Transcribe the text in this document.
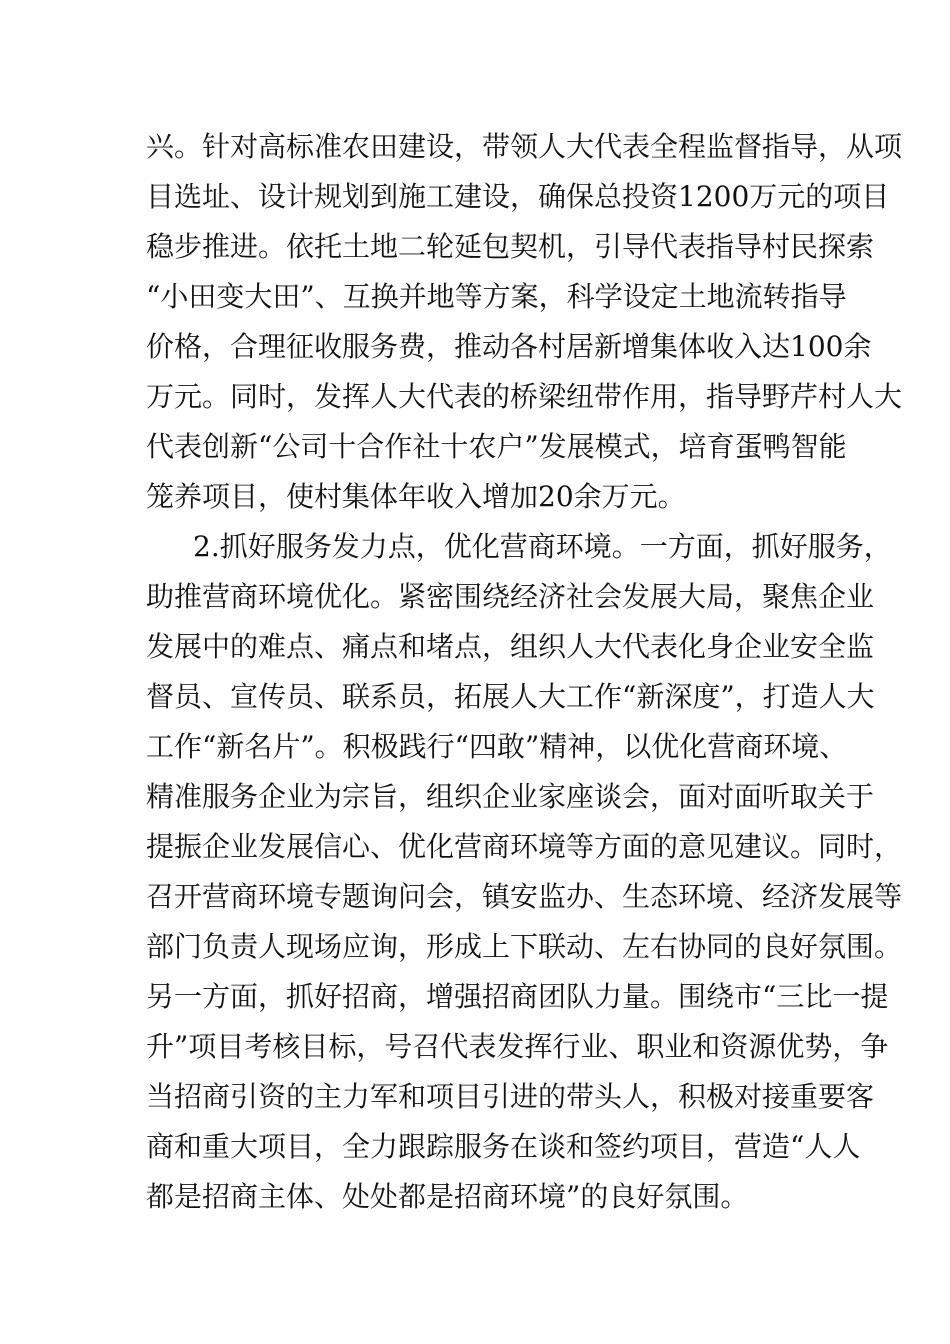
兴。针对高标准农田建设，带领人大代表全程监督指导，从项
目选址、设计规划到施工建设，确保总投资1200万元的项目
稳步推进。依托土地二轮延包契机，引导代表指导村民探索
“小田变大田”、互换并地等方案，科学设定土地流转指导
价格，合理征收服务费，推动各村居新增集体收入达100余
万元。同时，发挥人大代表的桥梁纽带作用，指导野芹村人大
代表创新“公司十合作社十农户”发展模式，培育蛋鸭智能
笼养项目，使村集体年收入增加20余万元。
2.抓好服务发力点，优化营商环境。一方面，抓好服务，
助推营商环境优化。紧密围绕经济社会发展大局，聚焦企业
发展中的难点、痛点和堵点，组织人大代表化身企业安全监
督员、宣传员、联系员，拓展人大工作“新深度”，打造人大
工作“新名片”。积极践行“四敢”精神，以优化营商环境、
精准服务企业为宗旨，组织企业家座谈会，面对面听取关于
提振企业发展信心、优化营商环境等方面的意见建议。同时，
召开营商环境专题询问会，镇安监办、生态环境、经济发展等
部门负责人现场应询，形成上下联动、左右协同的良好氛围。
另一方面，抓好招商，增强招商团队力量。围绕市“三比一提
升”项目考核目标，号召代表发挥行业、职业和资源优势，争
当招商引资的主力军和项目引进的带头人，积极对接重要客
商和重大项目，全力跟踪服务在谈和签约项目，营造“人人
都是招商主体、处处都是招商环境”的良好氛围。
